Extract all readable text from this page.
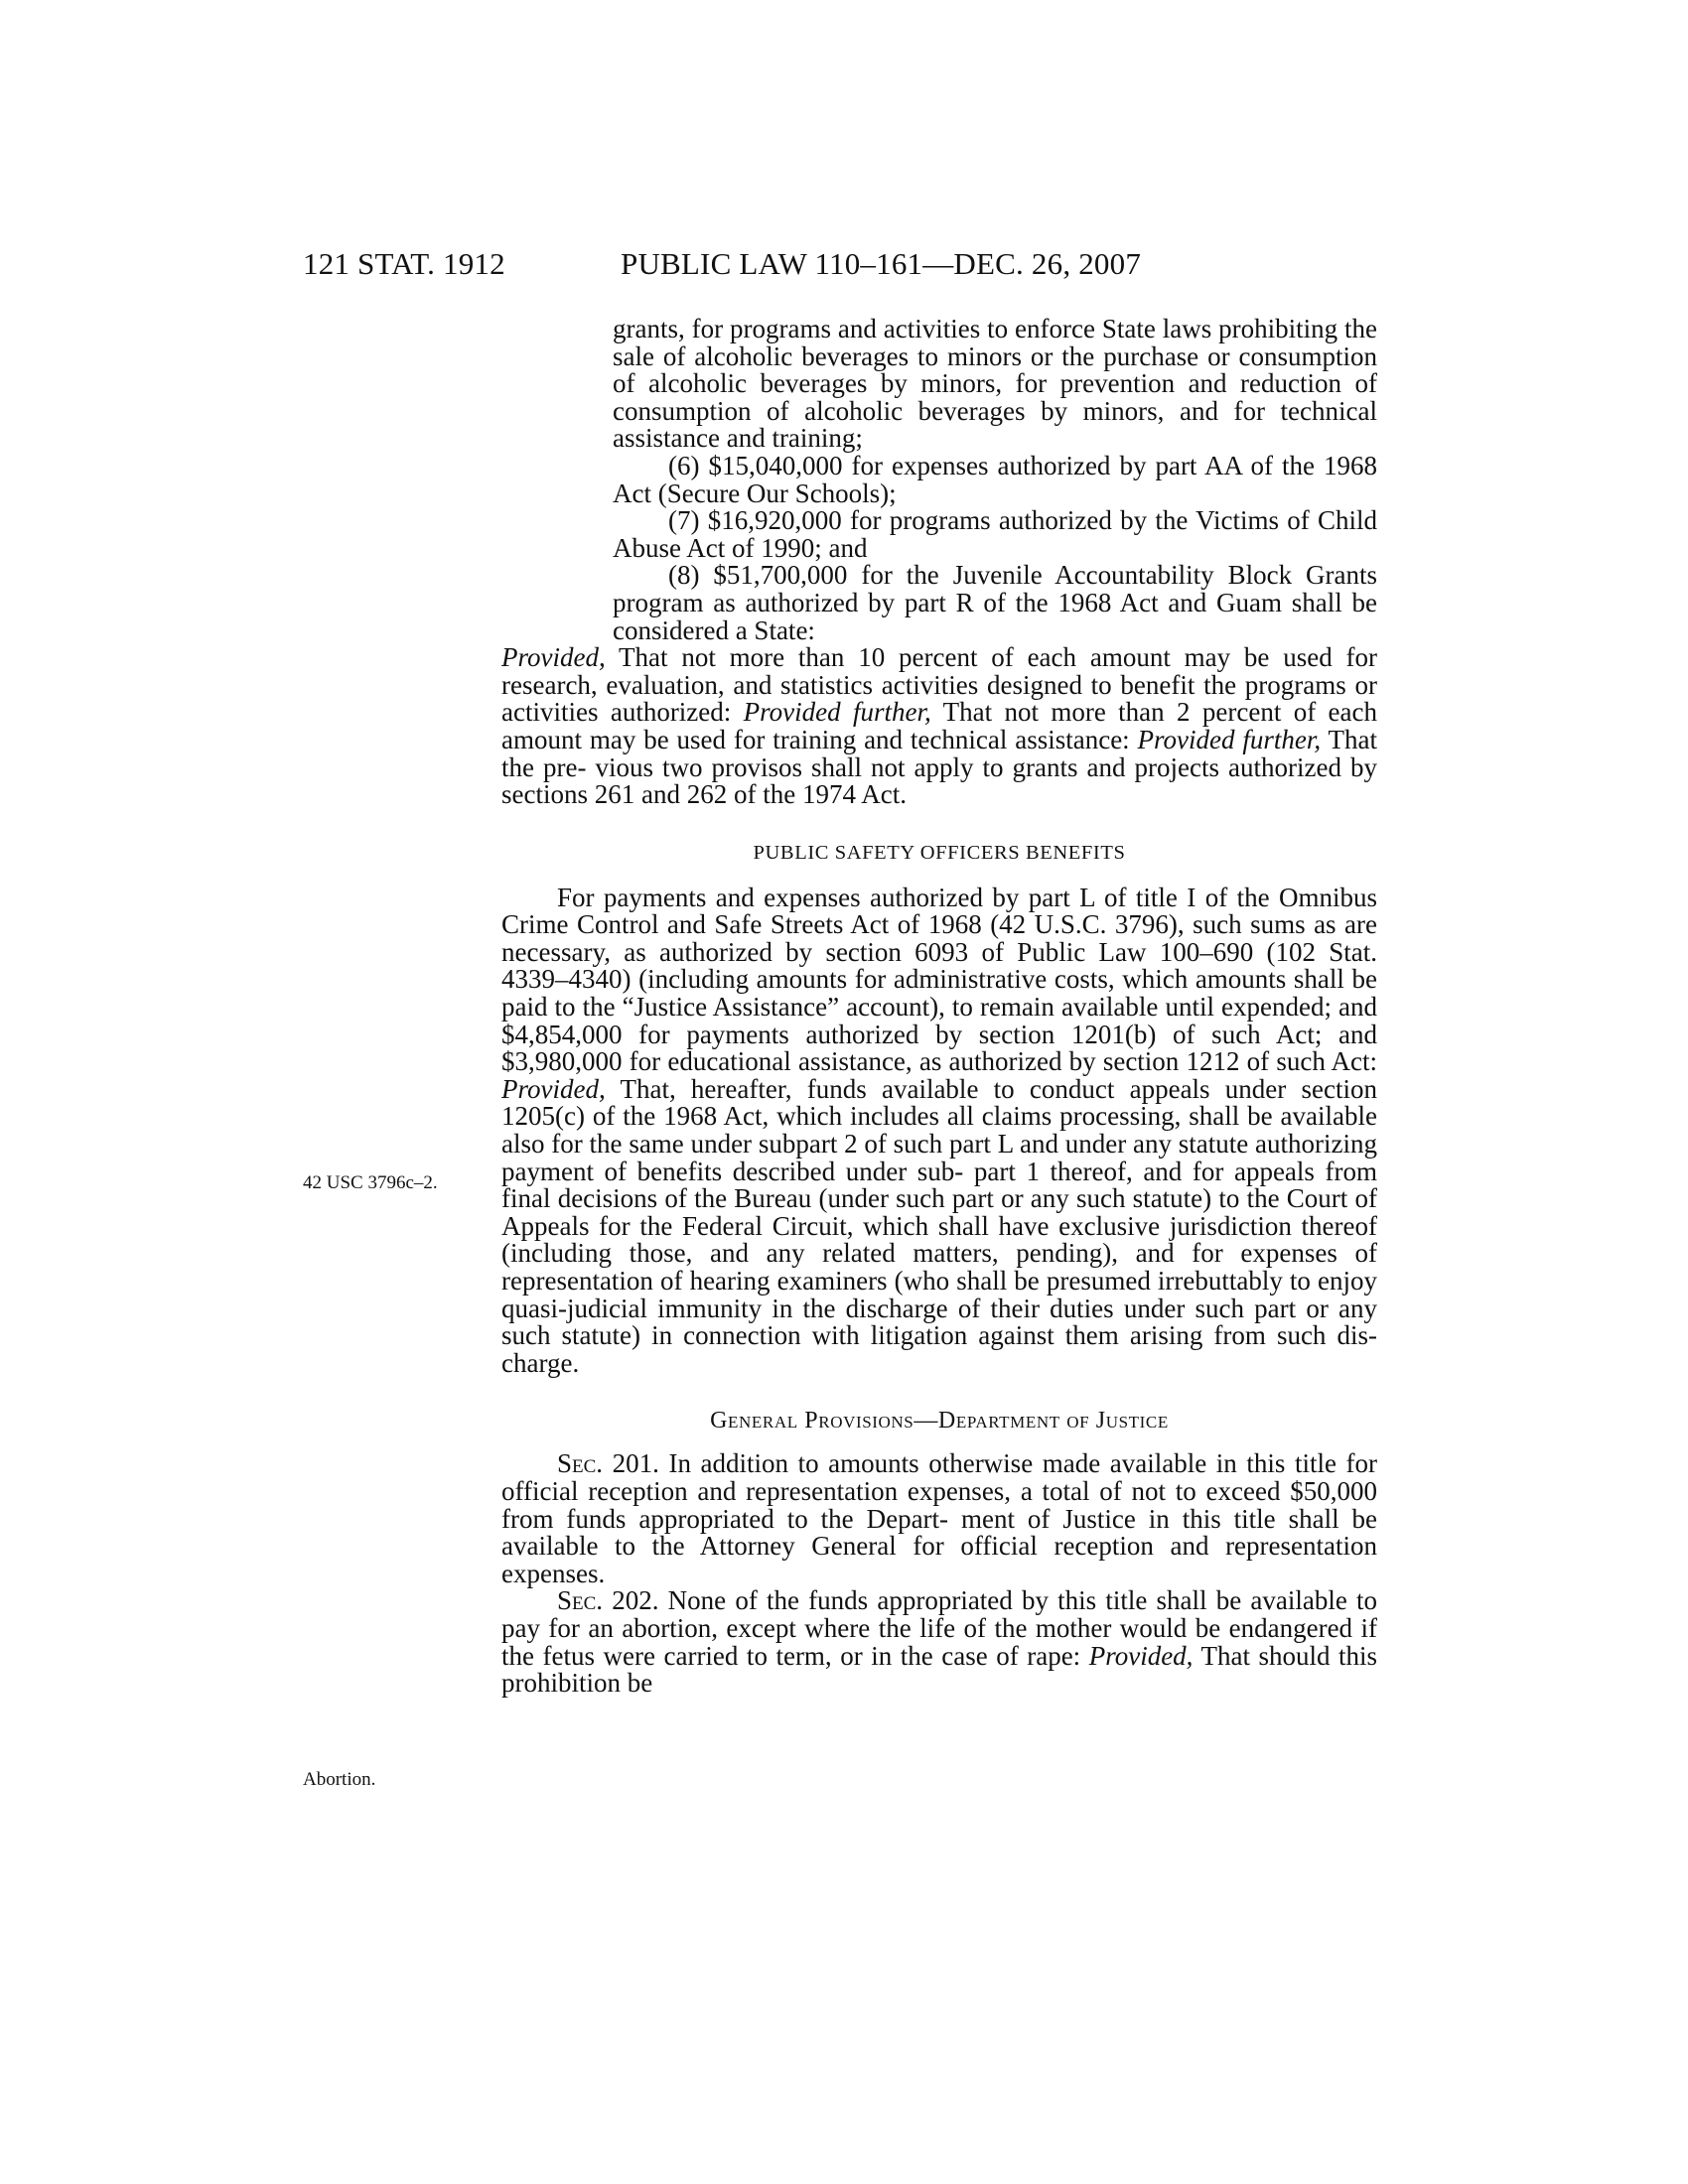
121 STAT. 1912	PUBLIC LAW 110–161—DEC. 26, 2007
42 USC 3796c–2.
Abortion.

grants, for programs and activities to enforce State laws prohibiting the sale of alcoholic beverages to minors or the purchase or consumption of alcoholic beverages by minors, for prevention and reduction of consumption of alcoholic beverages by minors, and for technical assistance and training;

(6) $15,040,000 for expenses authorized by part AA of the 1968 Act (Secure Our Schools);

(7) $16,920,000 for programs authorized by the Victims of Child Abuse Act of 1990; and

(8) $51,700,000 for the Juvenile Accountability Block Grants program as authorized by part R of the 1968 Act and Guam shall be considered a State:

Provided, That not more than 10 percent of each amount may be used for research, evaluation, and statistics activities designed to benefit the programs or activities authorized: Provided further, That not more than 2 percent of each amount may be used for training and technical assistance: Provided further, That the pre‑ vious two provisos shall not apply to grants and projects authorized by sections 261 and 262 of the 1974 Act.

PUBLIC SAFETY OFFICERS BENEFITS

For payments and expenses authorized by part L of title I of the Omnibus Crime Control and Safe Streets Act of 1968 (42 U.S.C. 3796), such sums as are necessary, as authorized by section 6093 of Public Law 100–690 (102 Stat. 4339–4340) (including amounts for administrative costs, which amounts shall be paid to the “Justice Assistance” account), to remain available until expended; and $4,854,000 for payments authorized by section 1201(b) of such Act; and $3,980,000 for educational assistance, as authorized by section 1212 of such Act: Provided, That, hereafter, funds available to conduct appeals under section 1205(c) of the 1968 Act, which includes all claims processing, shall be available also for the same under subpart 2 of such part L and under any statute authorizing payment of benefits described under sub‑ part 1 thereof, and for appeals from final decisions of the Bureau (under such part or any such statute) to the Court of Appeals for the Federal Circuit, which shall have exclusive jurisdiction thereof (including those, and any related matters, pending), and for expenses of representation of hearing examiners (who shall be presumed irrebuttably to enjoy quasi-judicial immunity in the discharge of their duties under such part or any such statute) in connection with litigation against them arising from such dis‑ charge.

General Provisions—Department of Justice

Sec. 201. In addition to amounts otherwise made available in this title for official reception and representation expenses, a total of not to exceed $50,000 from funds appropriated to the Depart‑ ment of Justice in this title shall be available to the Attorney General for official reception and representation expenses.

Sec. 202. None of the funds appropriated by this title shall be available to pay for an abortion, except where the life of the mother would be endangered if the fetus were carried to term, or in the case of rape: Provided, That should this prohibition be
